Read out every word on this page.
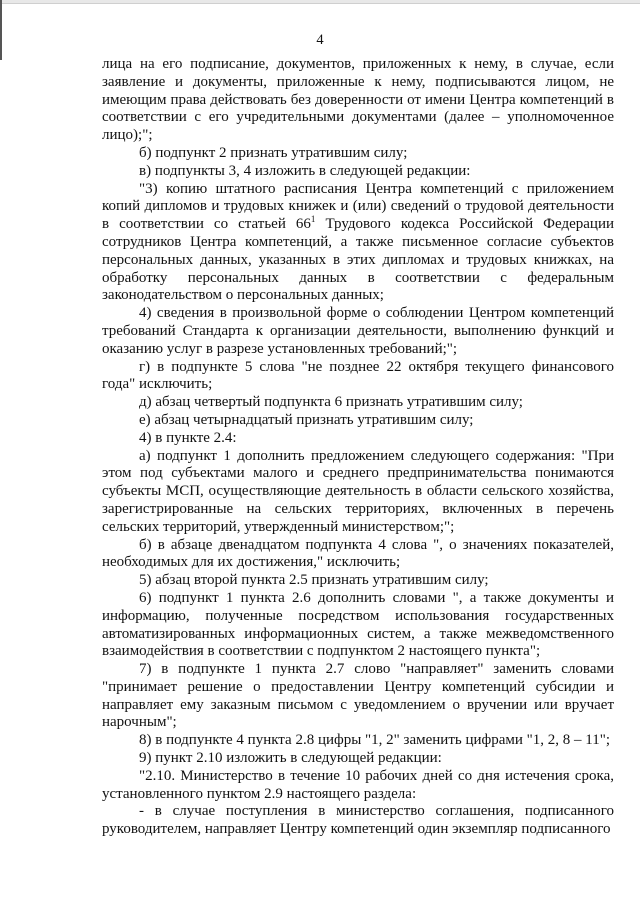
4

лица на его подписание, документов, приложенных к нему, в случае, если заявление и документы, приложенные к нему, подписываются лицом, не имеющим права действовать без доверенности от имени Центра компетенций в соответствии с его учредительными документами (далее – уполномоченное лицо);";

б) подпункт 2 признать утратившим силу;

в) подпункты 3, 4 изложить в следующей редакции:

"3) копию штатного расписания Центра компетенций с приложением копий дипломов и трудовых книжек и (или) сведений о трудовой деятельности в соответствии со статьей $66^1$ Трудового кодекса Российской Федерации сотрудников Центра компетенций, а также письменное согласие субъектов персональных данных, указанных в этих дипломах и трудовых книжках, на обработку персональных данных в соответствии с федеральным законодательством о персональных данных;

4) сведения в произвольной форме о соблюдении Центром компетенций требований Стандарта к организации деятельности, выполнению функций и оказанию услуг в разрезе установленных требований;";

г) в подпункте 5 слова "не позднее 22 октября текущего финансового года" исключить;

д) абзац четвертый подпункта 6 признать утратившим силу;

е) абзац четырнадцатый признать утратившим силу;

4) в пункте 2.4:

а) подпункт 1 дополнить предложением следующего содержания: "При этом под субъектами малого и среднего предпринимательства понимаются субъекты МСП, осуществляющие деятельность в области сельского хозяйства, зарегистрированные на сельских территориях, включенных в перечень сельских территорий, утвержденный министерством;";

б) в абзаце двенадцатом подпункта 4 слова ", о значениях показателей, необходимых для их достижения," исключить;

5) абзац второй пункта 2.5 признать утратившим силу;

6) подпункт 1 пункта 2.6 дополнить словами ", а также документы и информацию, полученные посредством использования государственных автоматизированных информационных систем, а также межведомственного взаимодействия в соответствии с подпунктом 2 настоящего пункта";

7) в подпункте 1 пункта 2.7 слово "направляет" заменить словами "принимает решение о предоставлении Центру компетенций субсидии и направляет ему заказным письмом с уведомлением о вручении или вручает нарочным";

8) в подпункте 4 пункта 2.8 цифры "1, 2" заменить цифрами "1, 2, 8 – 11";

9) пункт 2.10 изложить в следующей редакции:

"2.10. Министерство в течение 10 рабочих дней со дня истечения срока, установленного пунктом 2.9 настоящего раздела:

- в случае поступления в министерство соглашения, подписанного руководителем, направляет Центру компетенций один экземпляр подписанного
